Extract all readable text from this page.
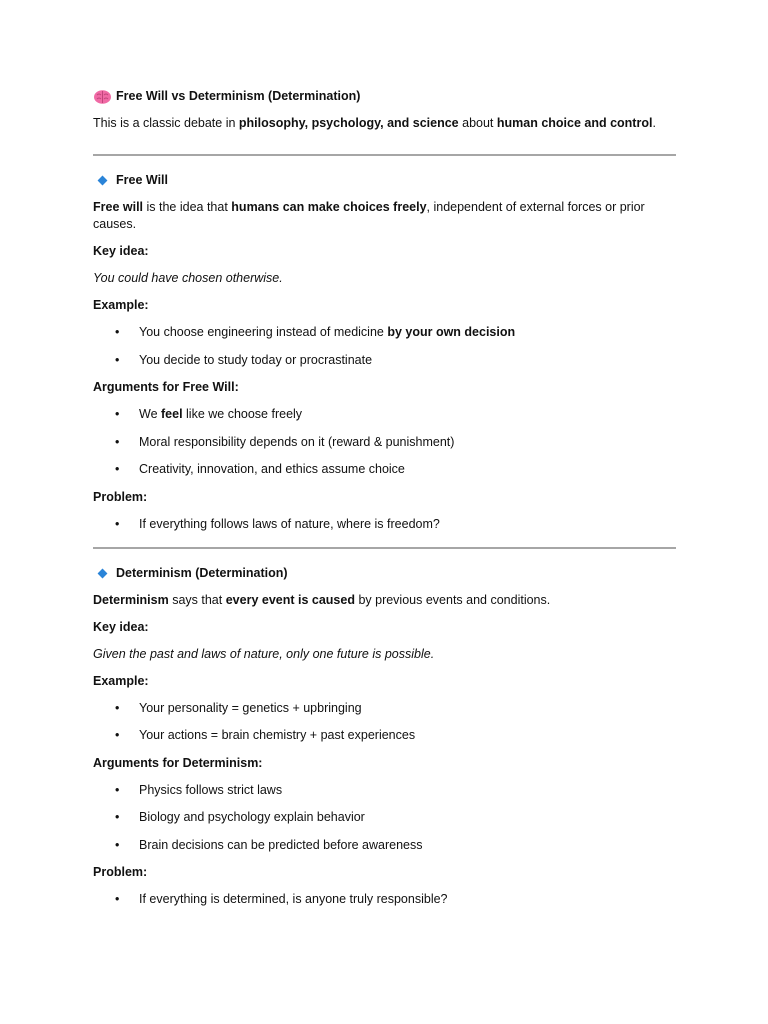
Free Will vs Determinism (Determination)

This is a classic debate in philosophy, psychology, and science about human choice and control.

Free Will

Free will is the idea that humans can make choices freely, independent of external forces or prior causes.

Key idea:

You could have chosen otherwise.

Example:

• You choose engineering instead of medicine by your own decision
• You decide to study today or procrastinate

Arguments for Free Will:

• We feel like we choose freely
• Moral responsibility depends on it (reward & punishment)
• Creativity, innovation, and ethics assume choice

Problem:

• If everything follows laws of nature, where is freedom?

Determinism (Determination)

Determinism says that every event is caused by previous events and conditions.

Key idea:

Given the past and laws of nature, only one future is possible.

Example:

• Your personality = genetics + upbringing
• Your actions = brain chemistry + past experiences

Arguments for Determinism:

• Physics follows strict laws
• Biology and psychology explain behavior
• Brain decisions can be predicted before awareness

Problem:

• If everything is determined, is anyone truly responsible?
